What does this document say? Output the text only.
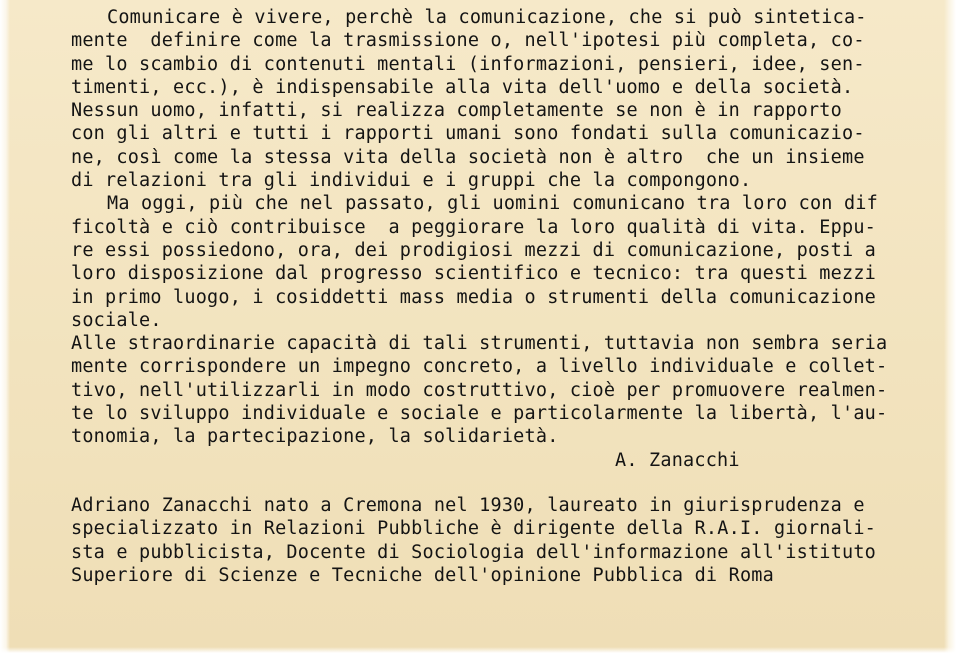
Comunicare è vivere, perchè la comunicazione, che si può sintetica-
mente  definire come la trasmissione o, nell'ipotesi più completa, co-
me lo scambio di contenuti mentali (informazioni, pensieri, idee, sen-
timenti, ecc.), è indispensabile alla vita dell'uomo e della società.
Nessun uomo, infatti, si realizza completamente se non è in rapporto
con gli altri e tutti i rapporti umani sono fondati sulla comunicazio-
ne, così come la stessa vita della società non è altro  che un insieme
di relazioni tra gli individui e i gruppi che la compongono.
Ma oggi, più che nel passato, gli uomini comunicano tra loro con dif
ficoltà e ciò contribuisce  a peggiorare la loro qualità di vita. Eppu-
re essi possiedono, ora, dei prodigiosi mezzi di comunicazione, posti a
loro disposizione dal progresso scientifico e tecnico: tra questi mezzi
in primo luogo, i cosiddetti mass media o strumenti della comunicazione
sociale.
Alle straordinarie capacità di tali strumenti, tuttavia non sembra seria
mente corrispondere un impegno concreto, a livello individuale e collet-
tivo, nell'utilizzarli in modo costruttivo, cioè per promuovere realmen-
te lo sviluppo individuale e sociale e particolarmente la libertà, l'au-
tonomia, la partecipazione, la solidarietà.
A. Zanacchi
Adriano Zanacchi nato a Cremona nel 1930, laureato in giurisprudenza e
specializzato in Relazioni Pubbliche è dirigente della R.A.I. giornali-
sta e pubblicista, Docente di Sociologia dell'informazione all'istituto
Superiore di Scienze e Tecniche dell'opinione Pubblica di Roma
